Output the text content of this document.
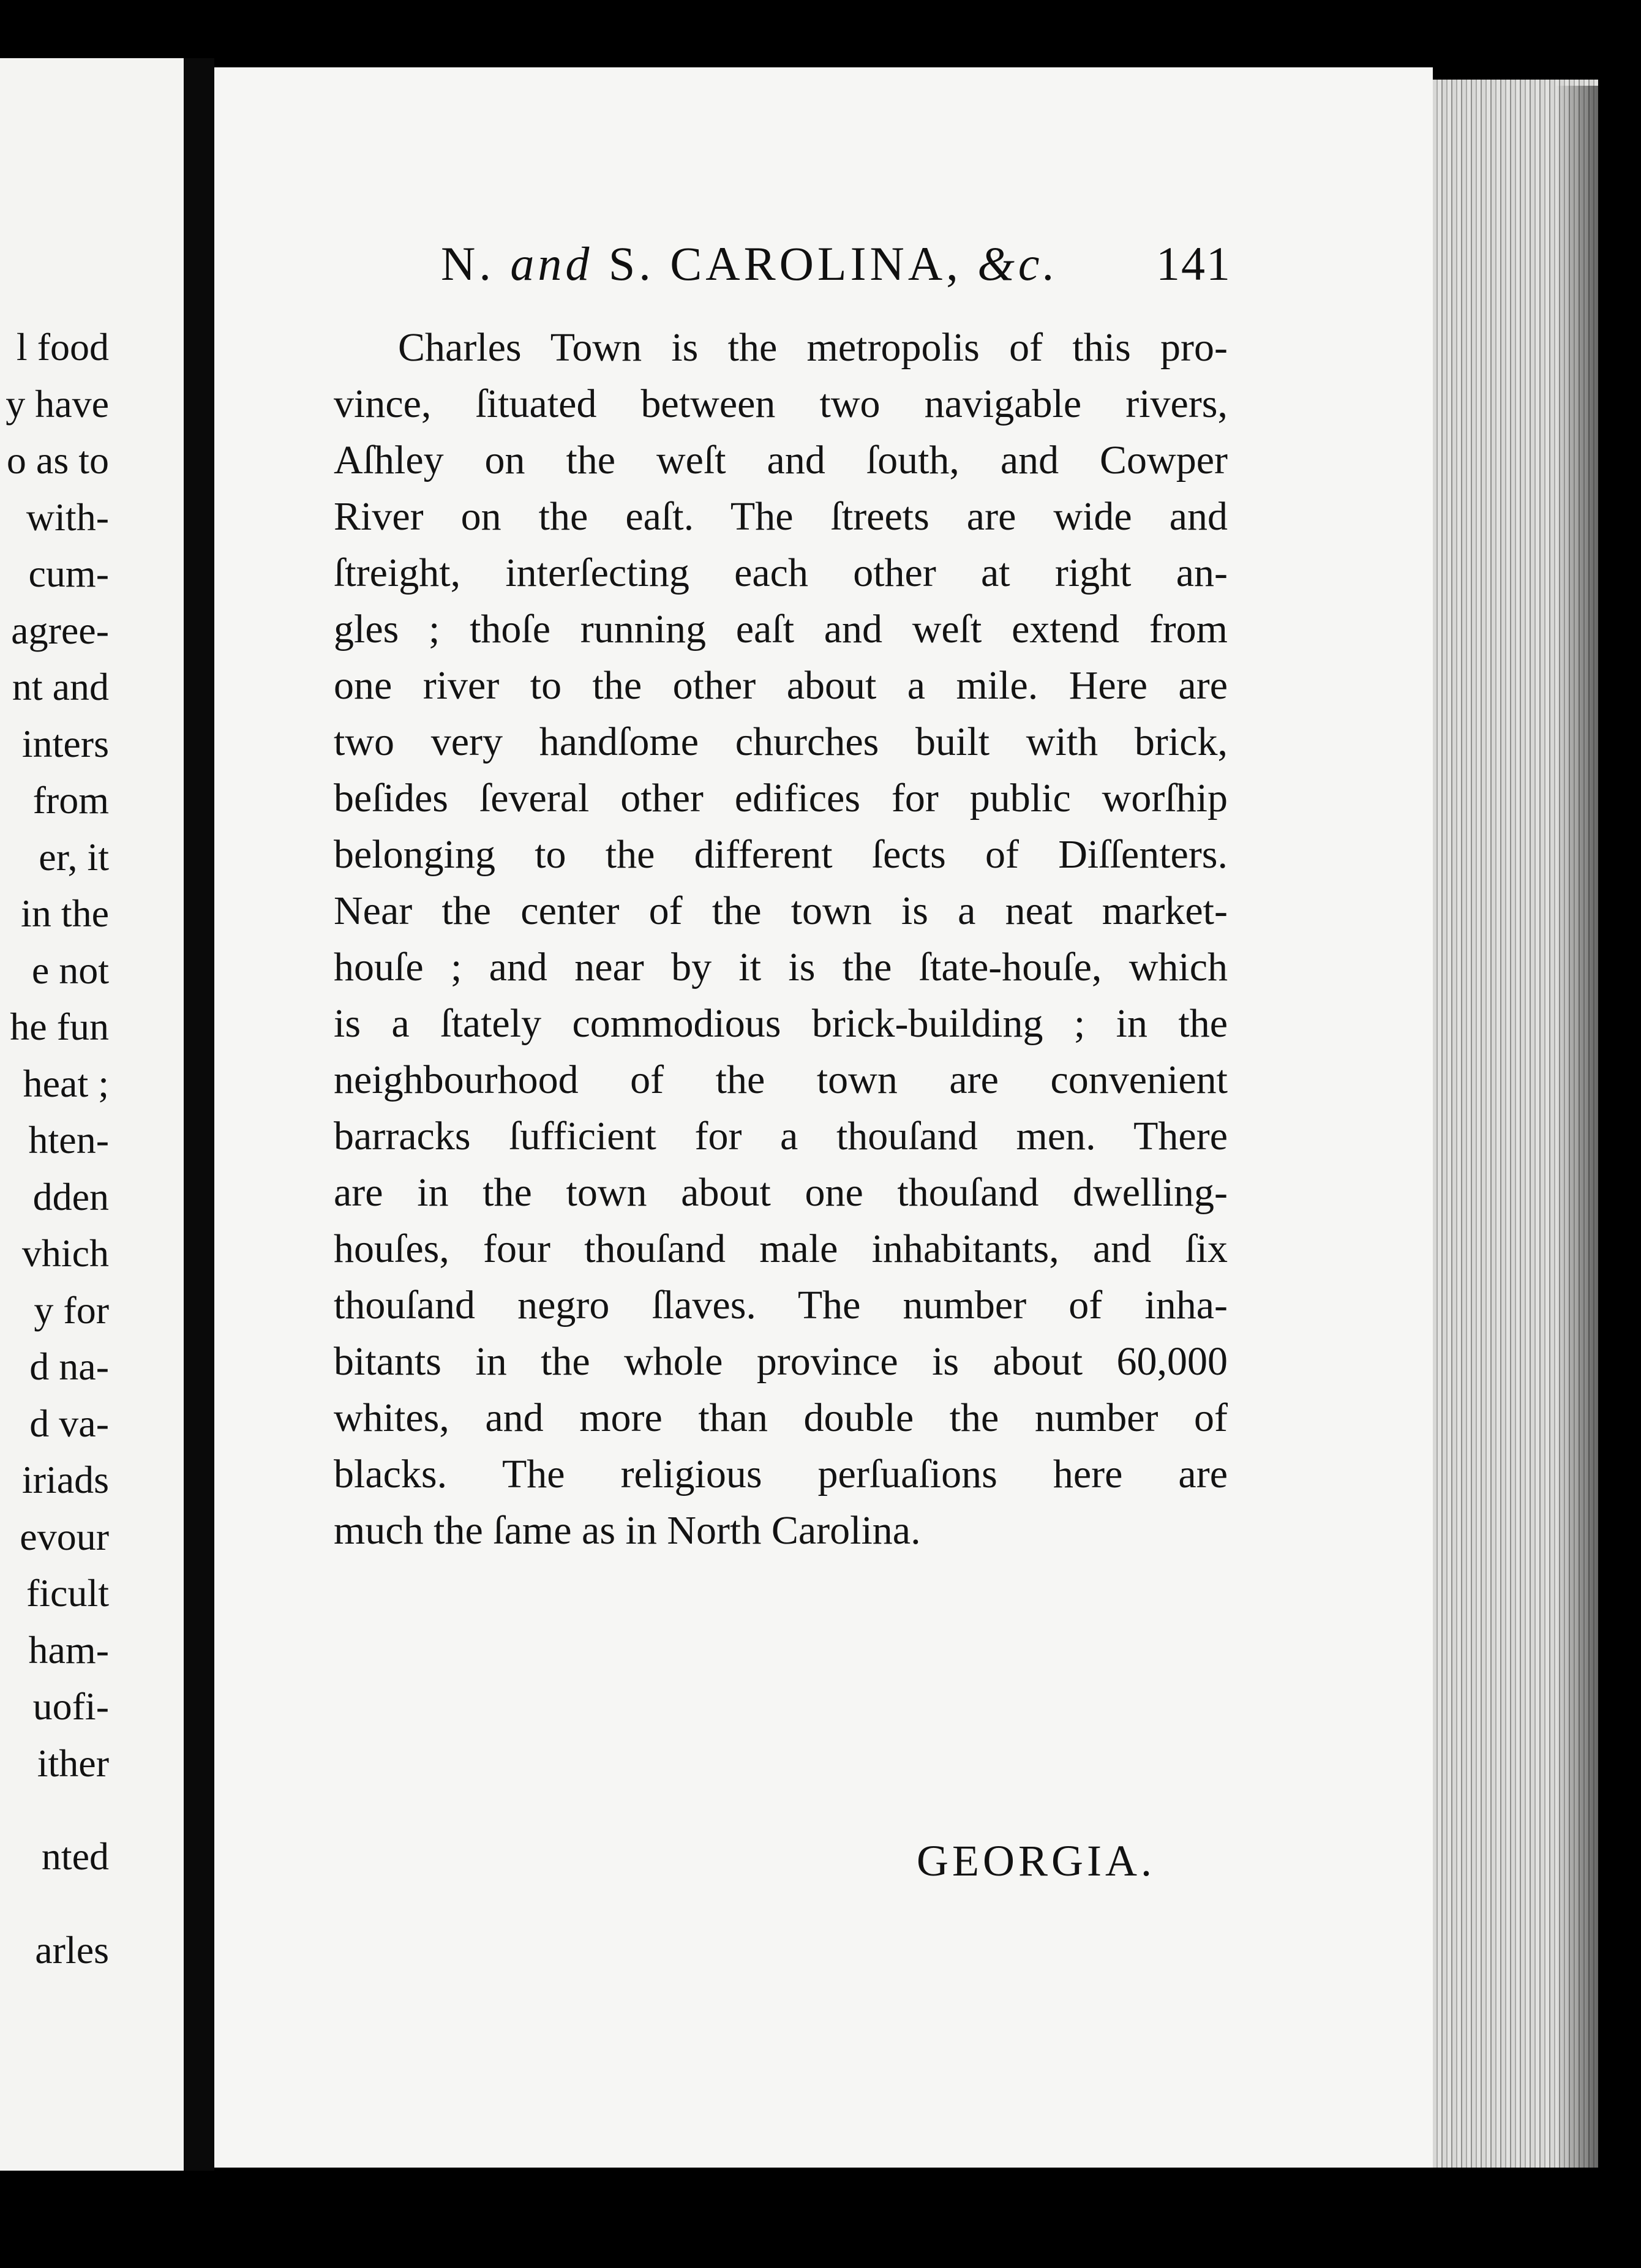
l food
y have
o as to
with-
cum-
agree-
nt and
inters
from
er, it
in the
e not
he fun
heat ;
hten-
dden
vhich
y for
d na-
d va-
iriads
evour
ficult
ham-
uofi-
ither
nted
arles
N. and S. CAROLINA, &c. 141
Charles Town is the metropolis of this pro-
vince, ſituated between two navigable rivers,
Aſhley on the weſt and ſouth, and Cowper
River on the eaſt. The ſtreets are wide and
ſtreight, interſecting each other at right an-
gles ; thoſe running eaſt and weſt extend from
one river to the other about a mile. Here are
two very handſome churches built with brick,
beſides ſeveral other edifices for public worſhip
belonging to the different ſects of Diſſenters.
Near the center of the town is a neat market-
houſe ; and near by it is the ſtate-houſe, which
is a ſtately commodious brick-building ; in the
neighbourhood of the town are convenient
barracks ſufficient for a thouſand men. There
are in the town about one thouſand dwelling-
houſes, four thouſand male inhabitants, and ſix
thouſand negro ſlaves. The number of inha-
bitants in the whole province is about 60,000
whites, and more than double the number of
blacks. The religious perſuaſions here are
much the ſame as in North Carolina.
GEORGIA.
